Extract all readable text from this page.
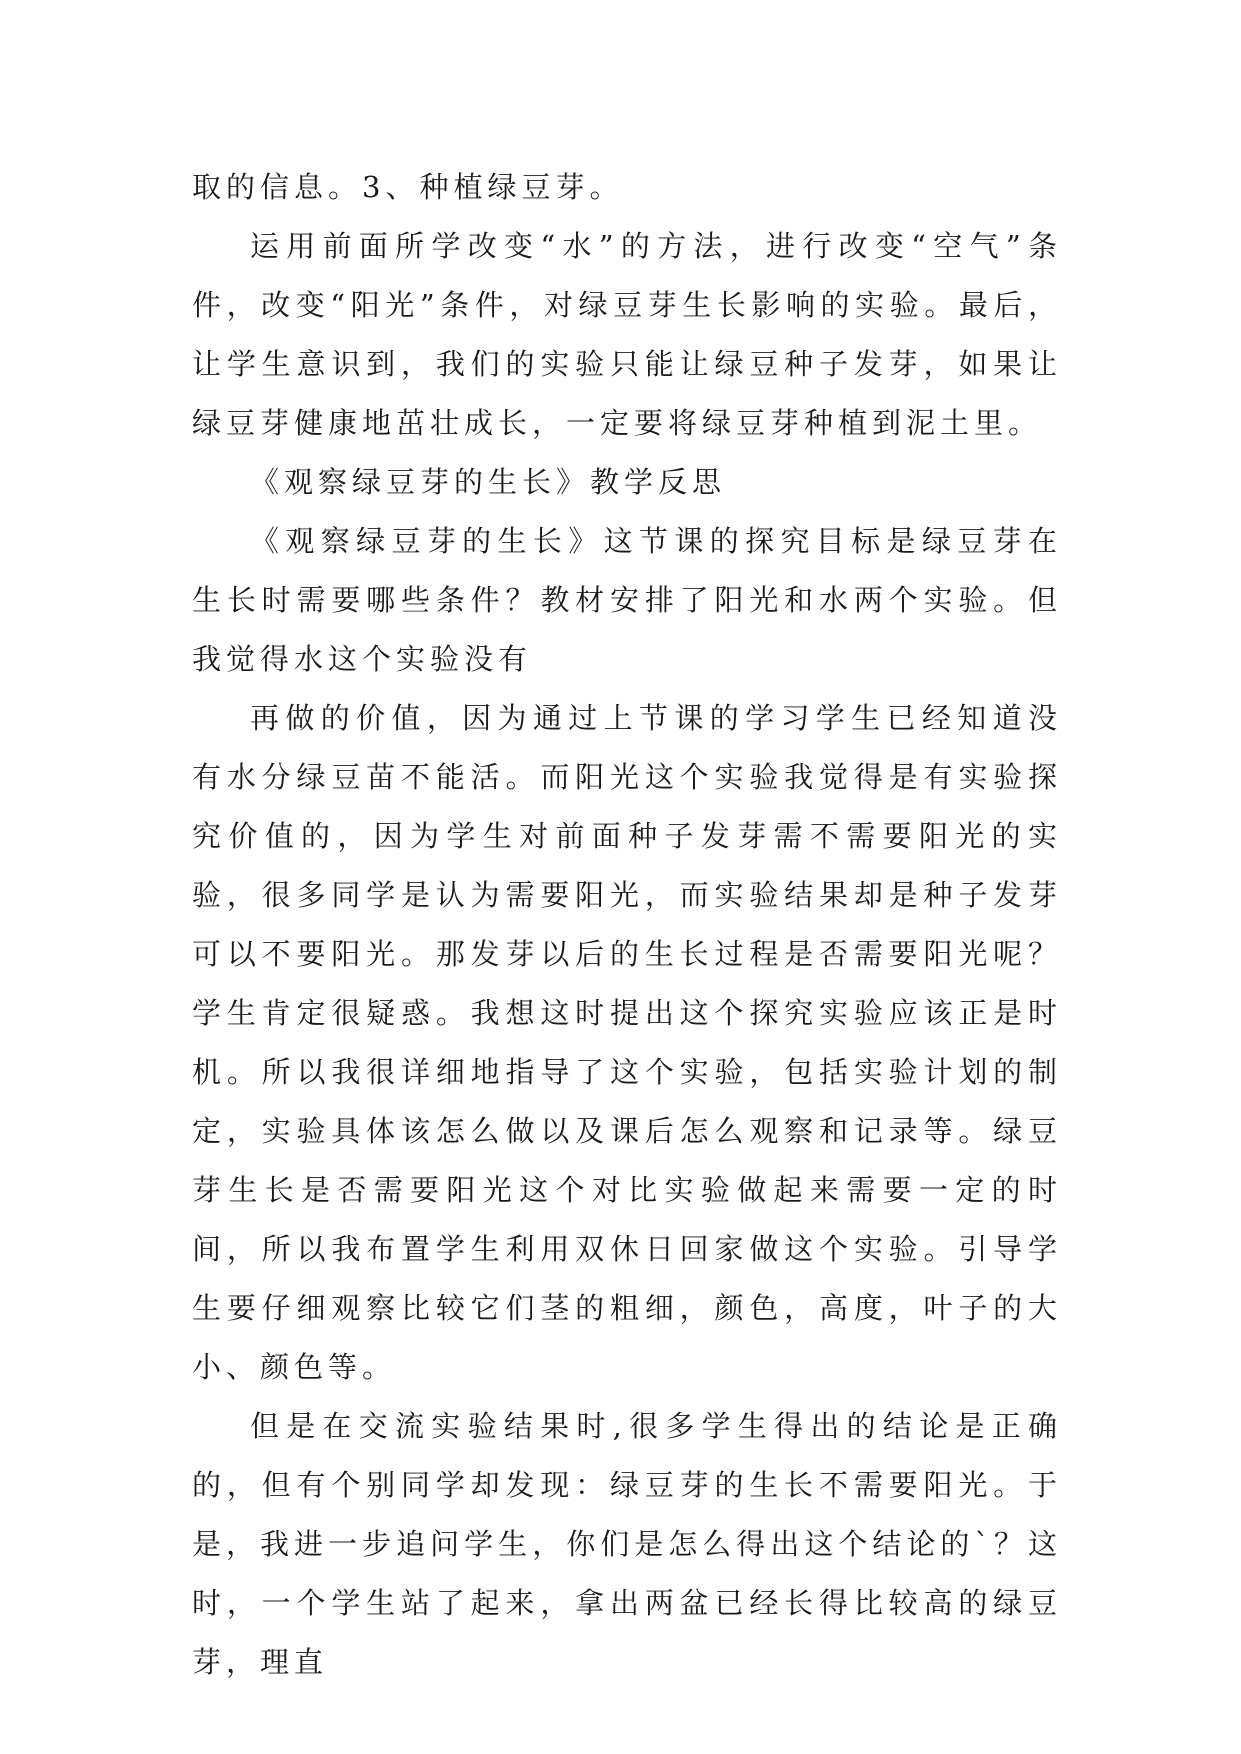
取的信息。3、种植绿豆芽。

运用前面所学改变“水”的方法，进行改变“空气”条件，改变“阳光”条件，对绿豆芽生长影响的实验。最后，让学生意识到，我们的实验只能让绿豆种子发芽，如果让绿豆芽健康地茁壮成长，一定要将绿豆芽种植到泥土里。

《观察绿豆芽的生长》教学反思

《观察绿豆芽的生长》这节课的探究目标是绿豆芽在生长时需要哪些条件？教材安排了阳光和水两个实验。但我觉得水这个实验没有

再做的价值，因为通过上节课的学习学生已经知道没有水分绿豆苗不能活。而阳光这个实验我觉得是有实验探究价值的，因为学生对前面种子发芽需不需要阳光的实验，很多同学是认为需要阳光，而实验结果却是种子发芽可以不要阳光。那发芽以后的生长过程是否需要阳光呢？学生肯定很疑惑。我想这时提出这个探究实验应该正是时机。所以我很详细地指导了这个实验，包括实验计划的制定，实验具体该怎么做以及课后怎么观察和记录等。绿豆芽生长是否需要阳光这个对比实验做起来需要一定的时间，所以我布置学生利用双休日回家做这个实验。引导学生要仔细观察比较它们茎的粗细，颜色，高度，叶子的大小、颜色等。

但是在交流实验结果时,很多学生得出的结论是正确的，但有个别同学却发现：绿豆芽的生长不需要阳光。于是，我进一步追问学生，你们是怎么得出这个结论的`？这时，一个学生站了起来，拿出两盆已经长得比较高的绿豆芽，理直
